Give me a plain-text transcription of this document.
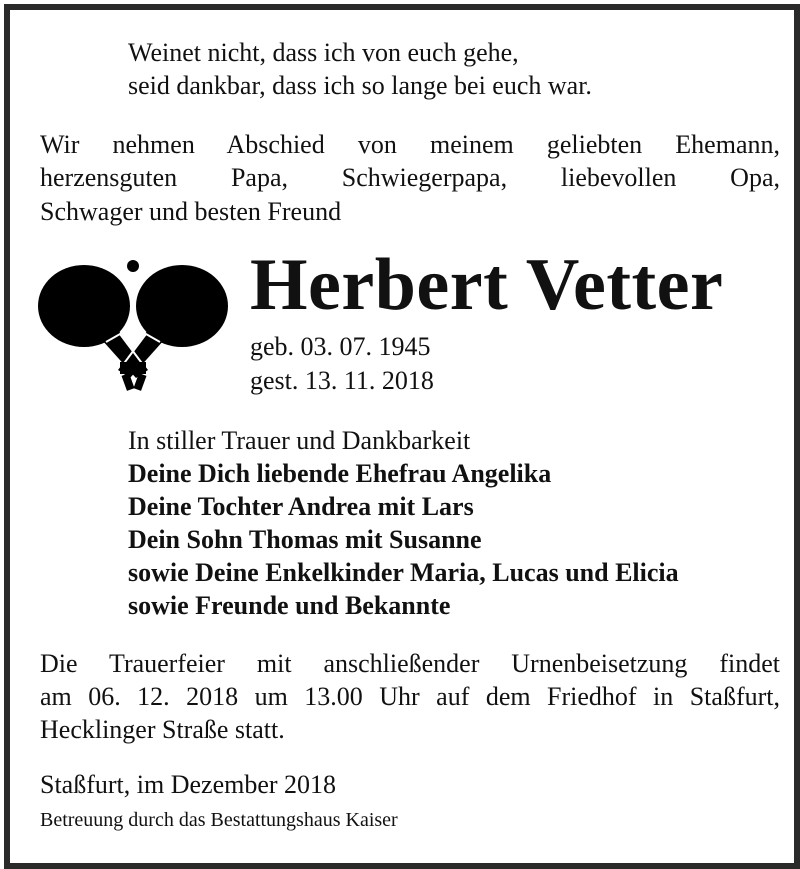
Weinet nicht, dass ich von euch gehe,
seid dankbar, dass ich so lange bei euch war.
Wir nehmen Abschied von meinem geliebten Ehemann,
herzensguten Papa, Schwiegerpapa, liebevollen Opa,
Schwager und besten Freund
Herbert Vetter
geb. 03. 07. 1945
gest. 13. 11. 2018
In stiller Trauer und Dankbarkeit
Deine Dich liebende Ehefrau Angelika
Deine Tochter Andrea mit Lars
Dein Sohn Thomas mit Susanne
sowie Deine Enkelkinder Maria, Lucas und Elicia
sowie Freunde und Bekannte
Die Trauerfeier mit anschließender Urnenbeisetzung findet
am 06. 12. 2018 um 13.00 Uhr auf dem Friedhof in Staßfurt,
Hecklinger Straße statt.
Staßfurt, im Dezember 2018
Betreuung durch das Bestattungshaus Kaiser
